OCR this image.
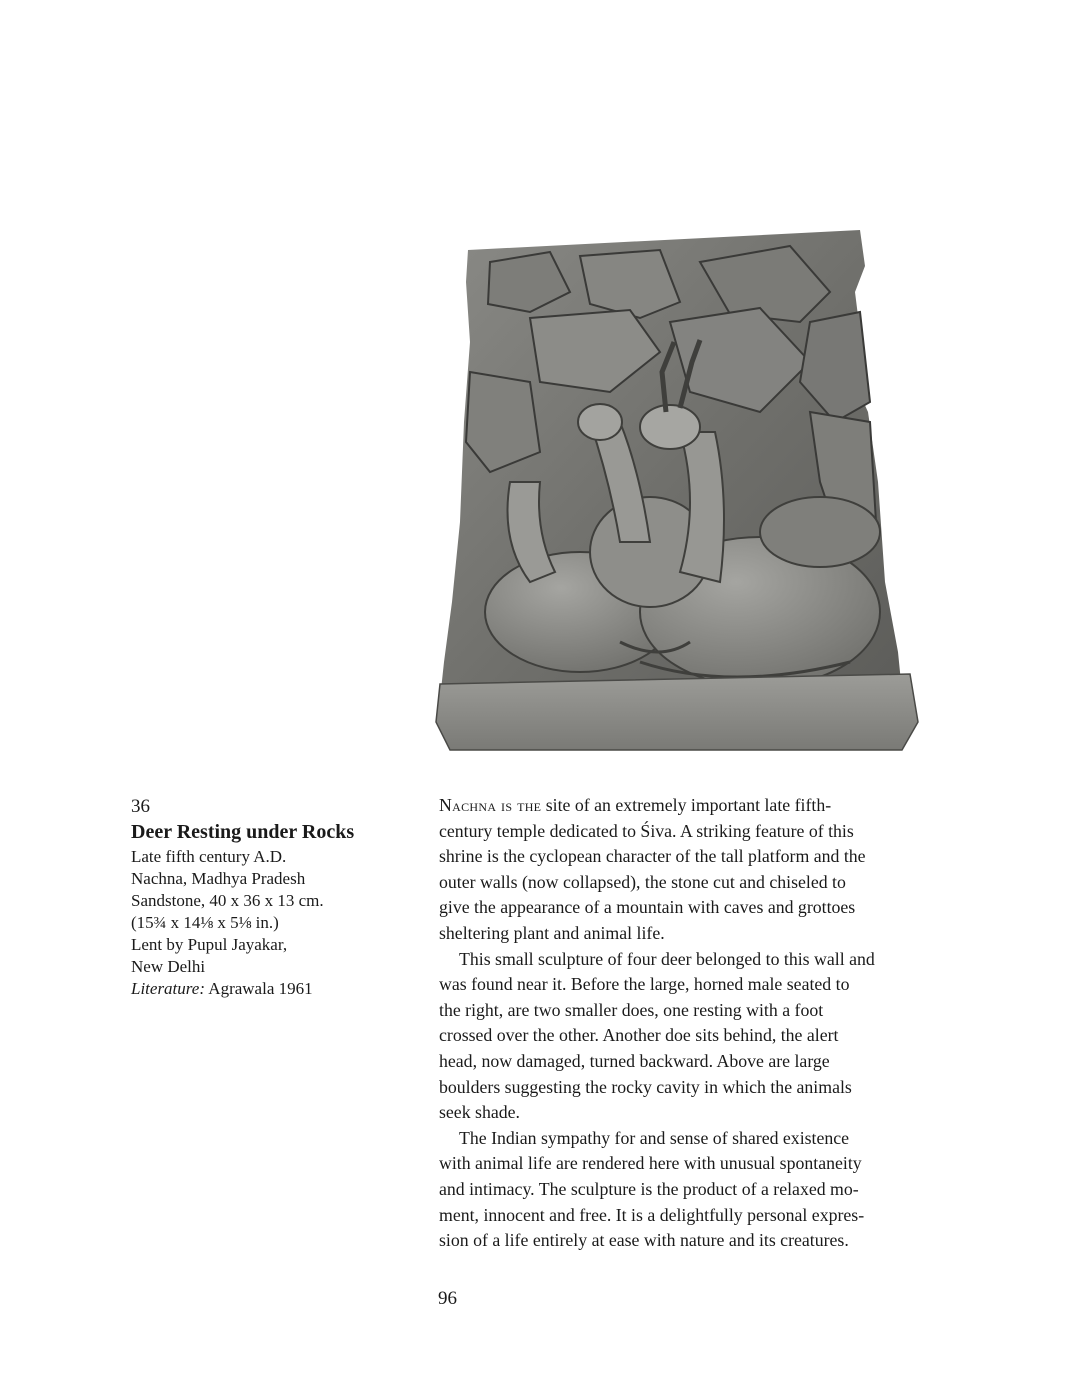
36
Deer Resting under Rocks
Late fifth century A.D.
Nachna, Madhya Pradesh
Sandstone, 40 x 36 x 13 cm.
(15¾ x 14⅛ x 5⅛ in.)
Lent by Pupul Jayakar,
New Delhi
Literature: Agrawala 1961

Nachna is the site of an extremely important late fifth-
century temple dedicated to Śiva. A striking feature of this
shrine is the cyclopean character of the tall platform and the
outer walls (now collapsed), the stone cut and chiseled to
give the appearance of a mountain with caves and grottoes
sheltering plant and animal life.

This small sculpture of four deer belonged to this wall and
was found near it. Before the large, horned male seated to
the right, are two smaller does, one resting with a foot
crossed over the other. Another doe sits behind, the alert
head, now damaged, turned backward. Above are large
boulders suggesting the rocky cavity in which the animals
seek shade.

The Indian sympathy for and sense of shared existence
with animal life are rendered here with unusual spontaneity
and intimacy. The sculpture is the product of a relaxed mo-
ment, innocent and free. It is a delightfully personal expres-
sion of a life entirely at ease with nature and its creatures.

96
